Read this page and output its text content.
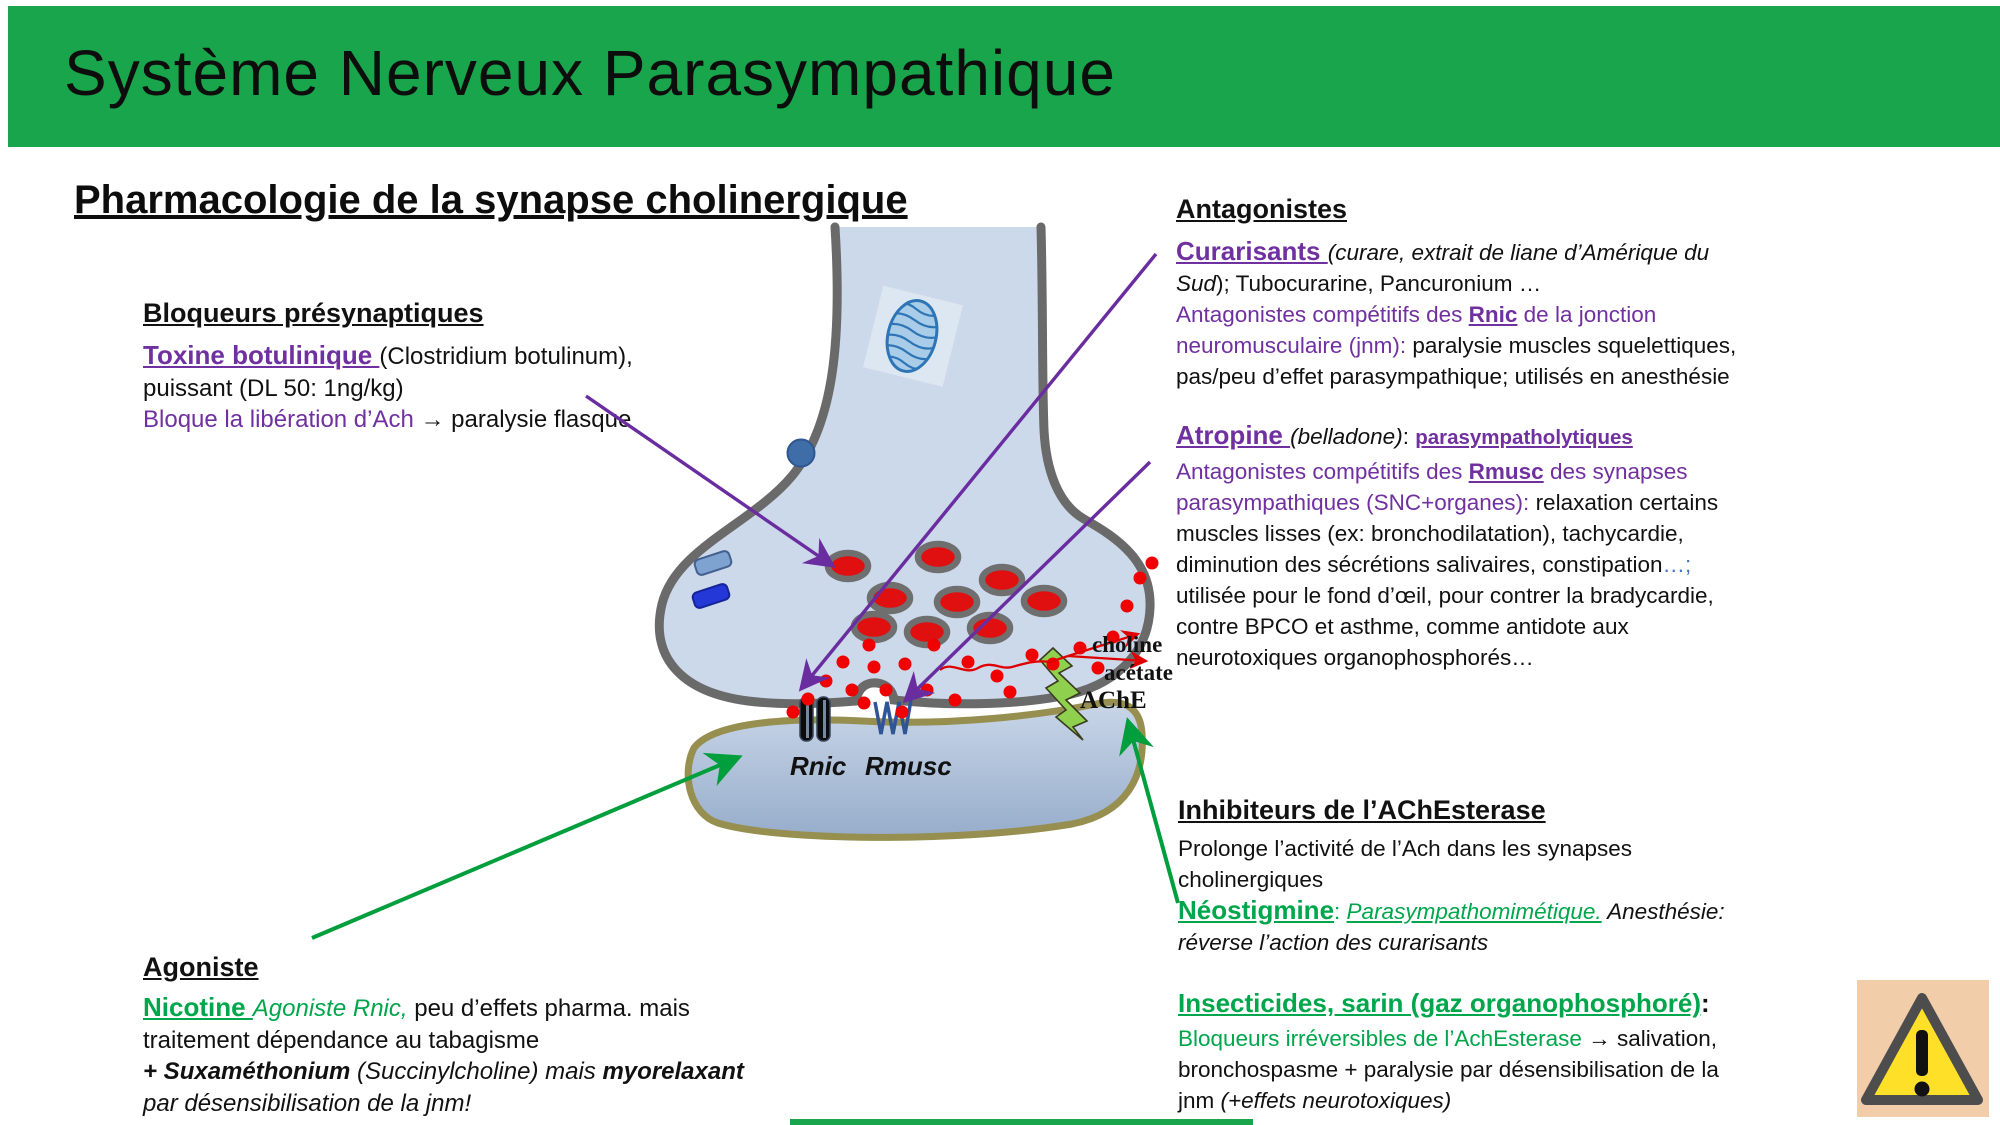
Système Nerveux Parasympathique
Pharmacologie de la synapse cholinergique
Bloqueurs présynaptiques
Toxine botulinique (Clostridium botulinum),
puissant (DL 50: 1ng/kg)
Bloque la libération d’Ach → paralysie flasque
Antagonistes
Curarisants (curare, extrait de liane d’Amérique du
Sud); Tubocurarine, Pancuronium …
Antagonistes compétitifs des Rnic de la jonction
neuromusculaire (jnm): paralysie muscles squelettiques,
pas/peu d’effet parasympathique; utilisés en anesthésie
Atropine (belladone): parasympatholytiques
Antagonistes compétitifs des Rmusc des synapses
parasympathiques (SNC+organes): relaxation certains
muscles lisses (ex: bronchodilatation), tachycardie,
diminution des sécrétions salivaires, constipation…;
utilisée pour le fond d’œil, pour contrer la bradycardie,
contre BPCO et asthme, comme antidote aux
neurotoxiques organophosphorés…
Inhibiteurs de l’AChEsterase
Prolonge l’activité de l’Ach dans les synapses
cholinergiques
Néostigmine: Parasympathomimétique. Anesthésie:
réverse l’action des curarisants
Insecticides, sarin (gaz organophosphoré):
Bloqueurs irréversibles de l’AchEsterase → salivation,
bronchospasme + paralysie par désensibilisation de la
jnm (+effets neurotoxiques)
Agoniste
Nicotine Agoniste Rnic, peu d’effets pharma. mais
traitement dépendance au tabagisme
+ Suxaméthonium (Succinylcholine) mais myorelaxant
par désensibilisation de la jnm!
Rnic Rmusc
choline
acétate
AChE
